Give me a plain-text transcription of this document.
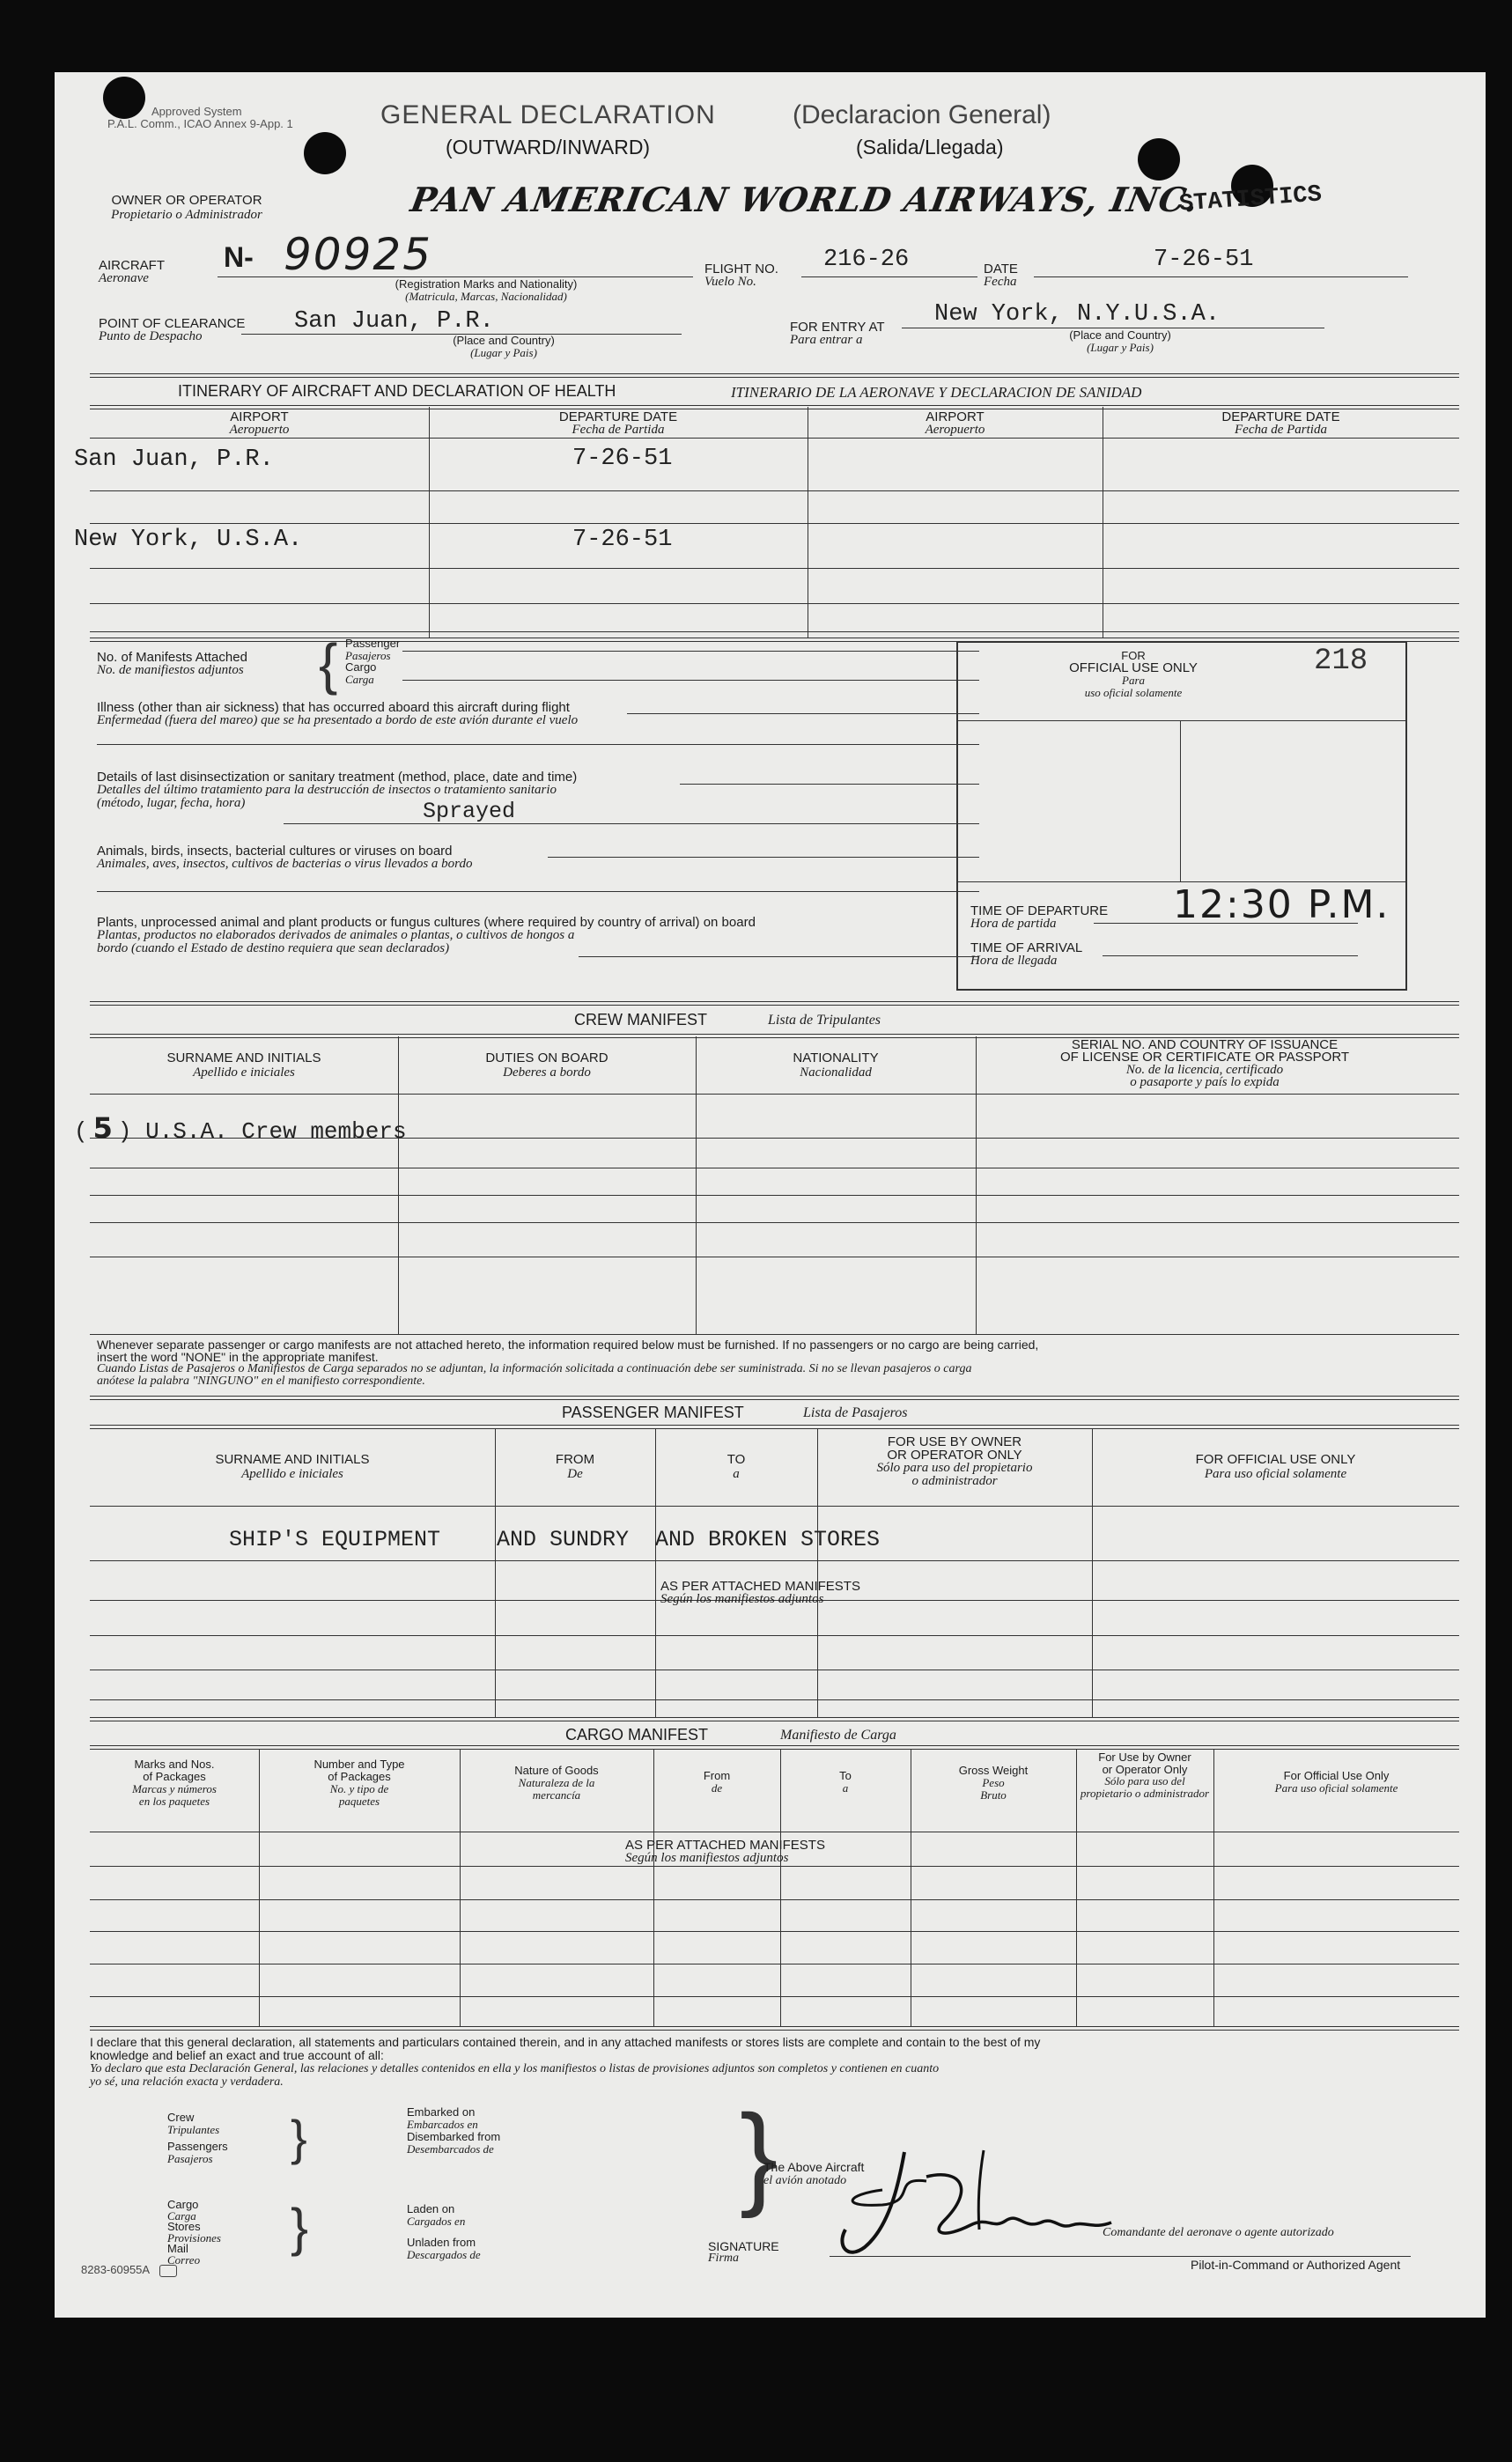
Approved System
P.A.L. Comm., ICAO Annex 9-App. 1	GENERAL DECLARATION	(Declaracion General)
(OUTWARD/INWARD)	(Salida/Llegada)
STATISTICS
OWNER OR OPERATOR
Propietario o Administrador	PAN AMERICAN WORLD AIRWAYS, INC.
AIRCRAFT
Aeronave
N- 90925
(Registration Marks and Nationality)
(Matricula, Marcas, Nacionalidad)
FLIGHT NO.
Vuelo No.
216-26	DATE
Fecha
7-26-51
POINT OF CLEARANCE
Punto de Despacho
San Juan, P.R.
(Place and Country)
(Lugar y Pais)
FOR ENTRY AT
Para entrar a
New York, N.Y.U.S.A.
(Place and Country)
(Lugar y Pais)
ITINERARY OF AIRCRAFT AND DECLARATION OF HEALTH	ITINERARIO DE LA AERONAVE Y DECLARACION DE SANIDAD
AIRPORT
Aeropuerto
DEPARTURE DATE
Fecha de Partida
AIRPORT
Aeropuerto
DEPARTURE DATE
Fecha de Partida
San Juan, P.R.	7-26-51
New York, U.S.A.	7-26-51
No. of Manifests Attached
No. de manifiestos adjuntos { Passenger
Pasajeros
Cargo
Carga
Illness (other than air sickness) that has occurred aboard this aircraft during flight
Enfermedad (fuera del mareo) que se ha presentado a bordo de este avión durante el vuelo
Details of last disinsectization or sanitary treatment (method, place, date and time)
Detalles del último tratamiento para la destrucción de insectos o tratamiento sanitario
(método, lugar, fecha, hora)	Sprayed
Animals, birds, insects, bacterial cultures or viruses on board
Animales, aves, insectos, cultivos de bacterias o virus llevados a bordo
Plants, unprocessed animal and plant products or fungus cultures (where required by country of arrival) on board
Plantas, productos no elaborados derivados de animales o plantas, o cultivos de hongos a
bordo (cuando el Estado de destino requiera que sean declarados)
FOR
OFFICIAL USE ONLY
Para
uso oficial solamente
218
TIME OF DEPARTURE
Hora de partida	12:30 P.M.
TIME OF ARRIVAL
Hora de llegada
CREW MANIFEST	Lista de Tripulantes
SURNAME AND INITIALS
Apellido e iniciales
DUTIES ON BOARD
Deberes a bordo
NATIONALITY
Nacionalidad
SERIAL NO. AND COUNTRY OF ISSUANCE
OF LICENSE OR CERTIFICATE OR PASSPORT
No. de la licencia, certificado
o pasaporte y país lo expida
( 5 ) U.S.A. Crew members
Whenever separate passenger or cargo manifests are not attached hereto, the information required below must be furnished. If no passengers or no cargo are being carried,
insert the word "NONE" in the appropriate manifest.
Cuando Listas de Pasajeros o Manifiestos de Carga separados no se adjuntan, la información solicitada a continuación debe ser suministrada. Si no se llevan pasajeros o carga
anótese la palabra "NINGUNO" en el manifiesto correspondiente.
PASSENGER MANIFEST	Lista de Pasajeros
SURNAME AND INITIALS
Apellido e iniciales
FROM
De
TO
a
FOR USE BY OWNER
OR OPERATOR ONLY
Sólo para uso del propietario
o administrador
FOR OFFICIAL USE ONLY
Para uso oficial solamente
SHIP'S EQUIPMENT	AND SUNDRY AND BROKEN STORES
AS PER ATTACHED MANIFESTS
Según los manifiestos adjuntos
CARGO MANIFEST	Manifiesto de Carga
Marks and Nos.
of Packages
Marcas y números
en los paquetes
Number and Type
of Packages
No. y tipo de
paquetes
Nature of Goods
Naturaleza de la
mercancía
From
de
To
a
Gross Weight
Peso
Bruto
For Use by Owner
or Operator Only
Sólo para uso del
propietario o administrador
For Official Use Only
Para uso oficial solamente
AS PER ATTACHED MANIFESTS
Según los manifiestos adjuntos
I declare that this general declaration, all statements and particulars contained therein, and in any attached manifests or stores lists are complete and contain to the best of my
knowledge and belief an exact and true account of all:
Yo declaro que esta Declaración General, las relaciones y detalles contenidos en ella y los manifiestos o listas de provisiones adjuntos son completos y contienen en cuanto
yo sé, una relación exacta y verdadera.
Crew
Tripulantes
Passengers
Pasajeros	}	Embarked on
Embarcados en
Disembarked from
Desembarcados de
Cargo
Carga
Stores
Provisiones
Mail
Correo
}	Laden on
Cargados en
Unladen from
Descargados de
}
The Above Aircraft
el avión anotado
SIGNATURE
Firma
Comandante del aeronave o agente autorizado
Pilot-in-Command or Authorized Agent
8283-60955A
